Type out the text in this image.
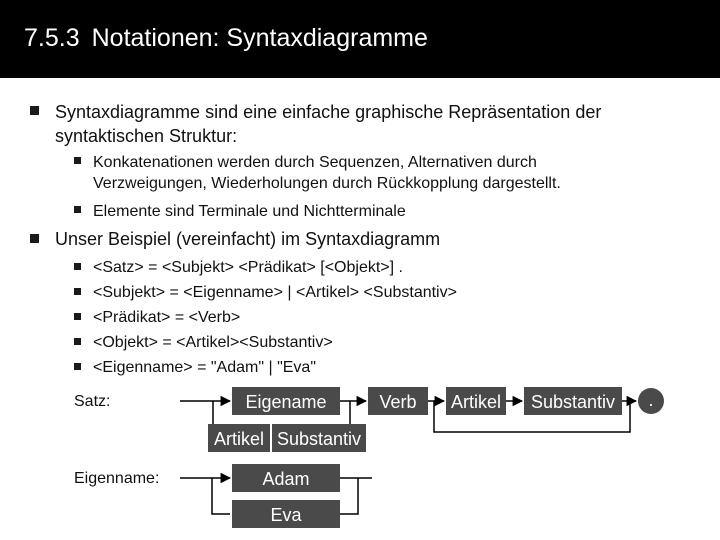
7.5.3 Notationen: Syntaxdiagramme
Syntaxdiagramme sind eine einfache graphische Repräsentation der syntaktischen Struktur:
Konkatenationen werden durch Sequenzen, Alternativen durch Verzweigungen, Wiederholungen durch Rückkopplung dargestellt.
Elemente sind Terminale und Nichtterminale
Unser Beispiel (vereinfacht) im Syntaxdiagramm
<Satz> = <Subjekt> <Prädikat> [<Objekt>] .
<Subjekt> = <Eigenname> | <Artikel> <Substantiv>
<Prädikat> = <Verb>
<Objekt> = <Artikel><Substantiv>
<Eigenname> = "Adam" | "Eva"
Satz:
Eigenname:
Eigename	Verb Artikel Substantiv .
Artikel Substantiv
Adam
Eva
